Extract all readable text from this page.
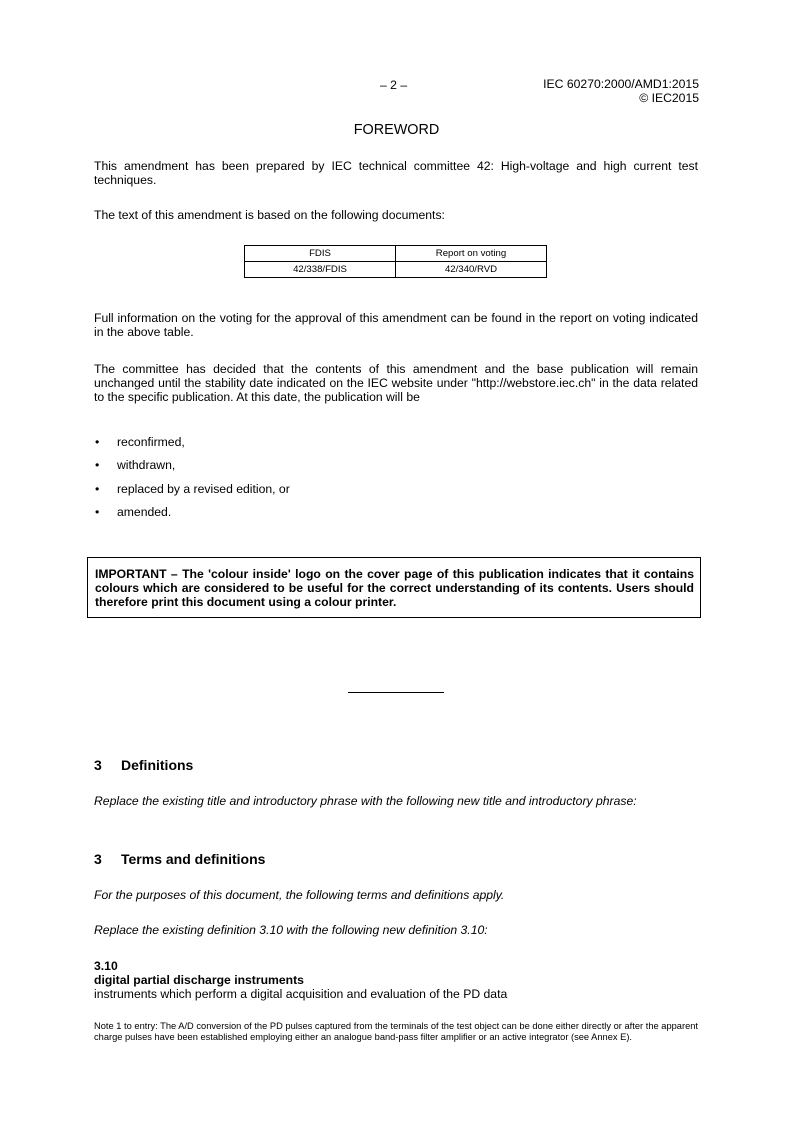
– 2 –	IEC 60270:2000/AMD1:2015
© IEC2015
FOREWORD
This amendment has been prepared by IEC technical committee 42: High-voltage and high current test techniques.
The text of this amendment is based on the following documents:
FDIS	Report on voting
42/338/FDIS	42/340/RVD
Full information on the voting for the approval of this amendment can be found in the report on voting indicated in the above table.
The committee has decided that the contents of this amendment and the base publication will remain unchanged until the stability date indicated on the IEC website under "http://webstore.iec.ch" in the data related to the specific publication. At this date, the publication will be
• reconfirmed,
• withdrawn,
• replaced by a revised edition, or
• amended.
IMPORTANT – The 'colour inside' logo on the cover page of this publication indicates that it contains colours which are considered to be useful for the correct understanding of its contents. Users should therefore print this document using a colour printer.
3 Definitions
Replace the existing title and introductory phrase with the following new title and introductory phrase:
3 Terms and definitions
For the purposes of this document, the following terms and definitions apply.
Replace the existing definition 3.10 with the following new definition 3.10:
3.10
digital partial discharge instruments
instruments which perform a digital acquisition and evaluation of the PD data
Note 1 to entry: The A/D conversion of the PD pulses captured from the terminals of the test object can be done either directly or after the apparent charge pulses have been established employing either an analogue band-pass filter amplifier or an active integrator (see Annex E).
